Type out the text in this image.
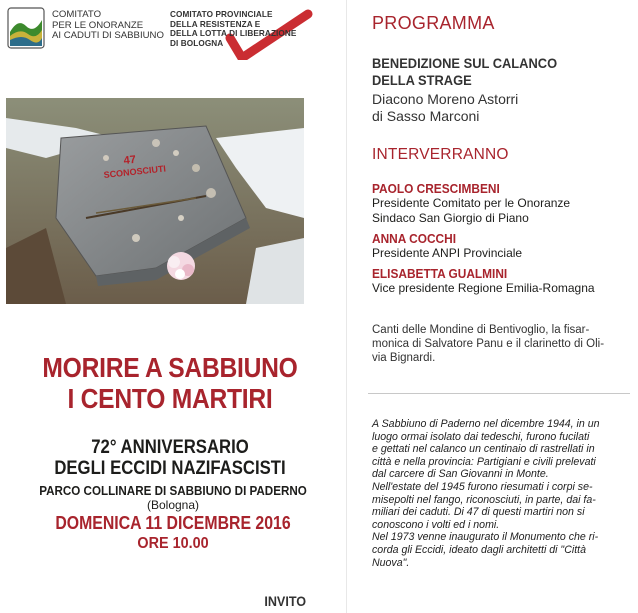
COMITATO
PER LE ONORANZE
AI CADUTI DI SABBIUNO
COMITATO PROVINCIALE
DELLA RESISTENZA E
DELLA LOTTA DI LIBERAZIONE
DI BOLOGNA
47
SCONOSCIUTI
MORIRE A SABBIUNO
I CENTO MARTIRI
72° ANNIVERSARIO
DEGLI ECCIDI NAZIFASCISTI
PARCO COLLINARE DI SABBIUNO DI PADERNO
(Bologna)
DOMENICA 11 DICEMBRE 2016
ORE 10.00
INVITO
PROGRAMMA
BENEDIZIONE SUL CALANCO
DELLA STRAGE
Diacono Moreno Astorri
di Sasso Marconi
INTERVERRANNO
PAOLO CRESCIMBENI
Presidente Comitato per le Onoranze
Sindaco San Giorgio di Piano
ANNA COCCHI
Presidente ANPI Provinciale
ELISABETTA GUALMINI
Vice presidente Regione Emilia-Romagna
Canti delle Mondine di Bentivoglio, la fisar-
monica di Salvatore Panu e il clarinetto di Oli-
via Bignardi.

A Sabbiuno di Paderno nel dicembre 1944, in un

luogo ormai isolato dai tedeschi, furono fucilati

e gettati nel calanco un centinaio di rastrellati in

città e nella provincia: Partigiani e civili prelevati

dal carcere di San Giovanni in Monte.

Nell'estate del 1945 furono riesumati i corpi se-

misepolti nel fango, riconosciuti, in parte, dai fa-

miliari dei caduti. Di 47 di questi martiri non si

conoscono i volti ed i nomi.

Nel 1973 venne inaugurato il Monumento che ri-

corda gli Eccidi, ideato dagli architetti di "Città

Nuova".
